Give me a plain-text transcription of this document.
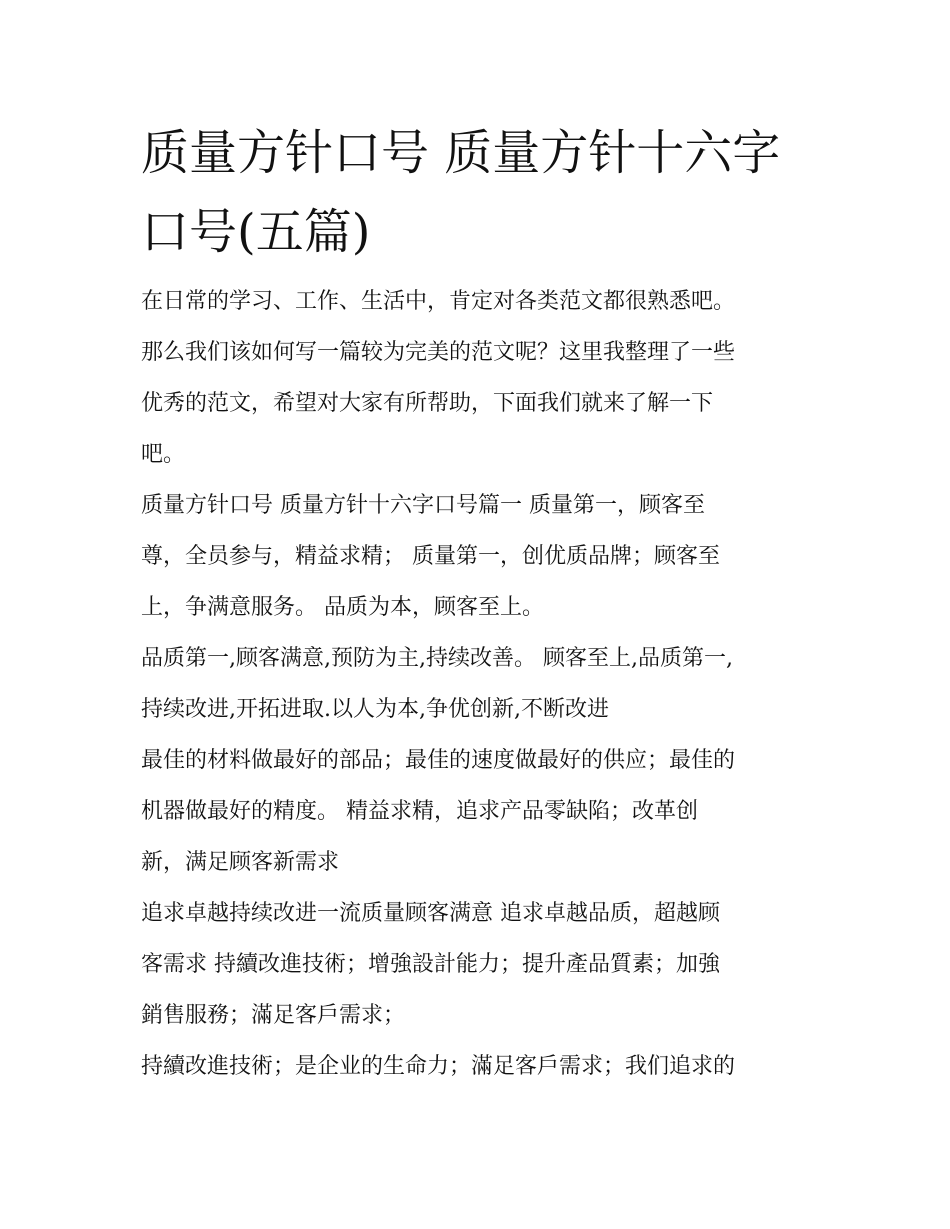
质量方针口号 质量方针十六字
口号(五篇)

在日常的学习、工作、生活中，肯定对各类范文都很熟悉吧。
那么我们该如何写一篇较为完美的范文呢？这里我整理了一些
优秀的范文，希望对大家有所帮助，下面我们就来了解一下
吧。

质量方针口号 质量方针十六字口号篇一 质量第一，顾客至
尊，全员参与，精益求精； 质量第一，创优质品牌；顾客至
上，争满意服务。 品质为本，顾客至上。

品质第一,顾客满意,预防为主,持续改善。 顾客至上,品质第一,
持续改进,开拓进取.以人为本,争优创新,不断改进

最佳的材料做最好的部品；最佳的速度做最好的供应；最佳的
机器做最好的精度。 精益求精，追求产品零缺陷；改革创
新，满足顾客新需求

追求卓越持续改进一流质量顾客满意 追求卓越品质，超越顾
客需求 持續改進技術；增強設計能力；提升產品質素；加強
銷售服務；滿足客戶需求；

持續改進技術；是企业的生命力；滿足客戶需求；我们追求的
